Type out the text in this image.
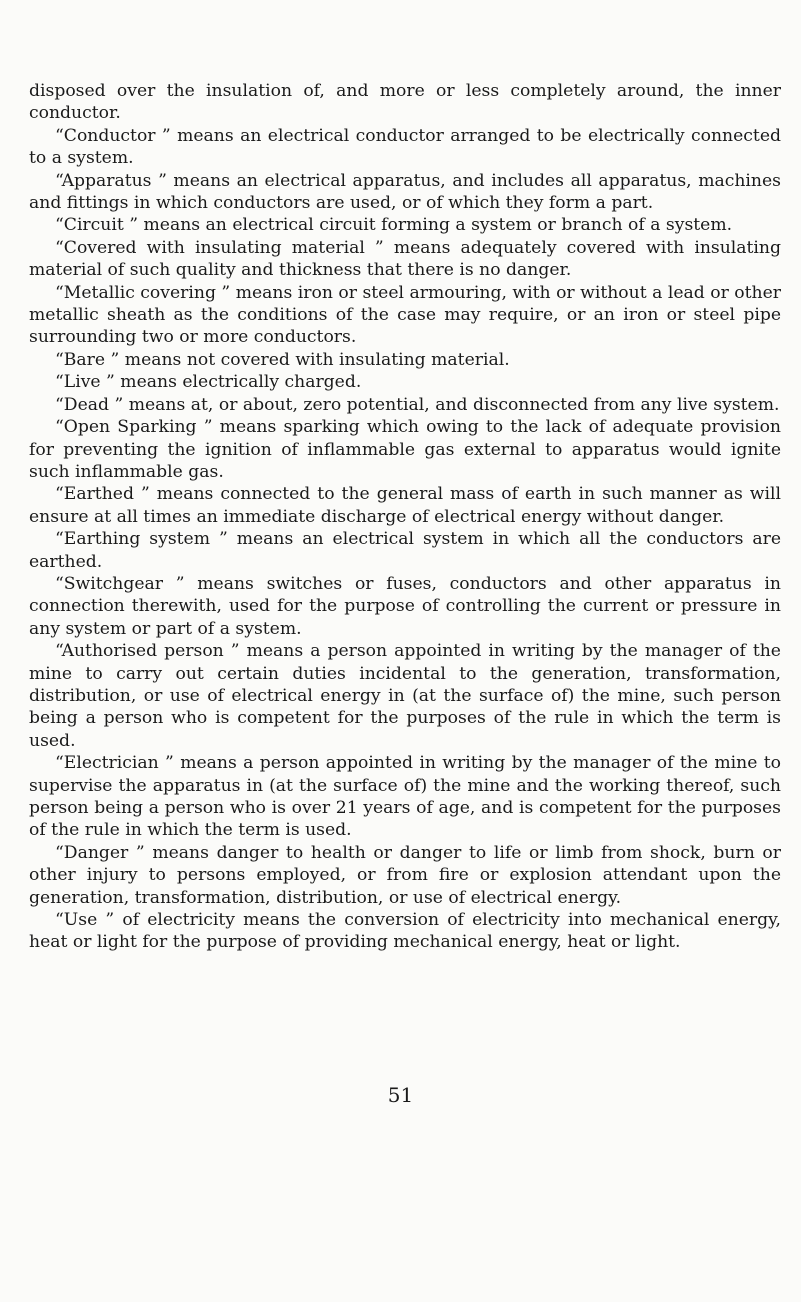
disposed over the insulation of, and more or less completely around, the inner conductor.

“Conductor ” means an electrical conductor arranged to be electrically connected to a system.

“Apparatus ” means an electrical apparatus, and includes all apparatus, machines and fittings in which conductors are used, or of which they form a part.

“Circuit ” means an electrical circuit forming a system or branch of a system.

“Covered with insulating material ” means adequately covered with insulating material of such quality and thickness that there is no danger.

“Metallic covering ” means iron or steel armouring, with or without a lead or other metallic sheath as the conditions of the case may require, or an iron or steel pipe surrounding two or more conductors.

“Bare ” means not covered with insulating material.

“Live ” means electrically charged.

“Dead ” means at, or about, zero potential, and disconnected from any live system.

“Open Sparking ” means sparking which owing to the lack of adequate provision for preventing the ignition of inflammable gas external to apparatus would ignite such inflammable gas.

“Earthed ” means connected to the general mass of earth in such manner as will ensure at all times an immediate discharge of electrical energy without danger.

“Earthing system ” means an electrical system in which all the conductors are earthed.

“Switchgear ” means switches or fuses, conductors and other apparatus in connection therewith, used for the purpose of controlling the current or pressure in any system or part of a system.

“Authorised person ” means a person appointed in writing by the manager of the mine to carry out certain duties incidental to the generation, transformation, distribution, or use of electrical energy in (at the surface of) the mine, such person being a person who is competent for the purposes of the rule in which the term is used.

“Electrician ” means a person appointed in writing by the manager of the mine to supervise the apparatus in (at the surface of) the mine and the working thereof, such person being a person who is over 21 years of age, and is competent for the purposes of the rule in which the term is used.

“Danger ” means danger to health or danger to life or limb from shock, burn or other injury to persons employed, or from fire or explosion attendant upon the generation, transformation, distribution, or use of electrical energy.

“Use ” of electricity means the conversion of electricity into mechanical energy, heat or light for the purpose of providing mechanical energy, heat or light.

51
